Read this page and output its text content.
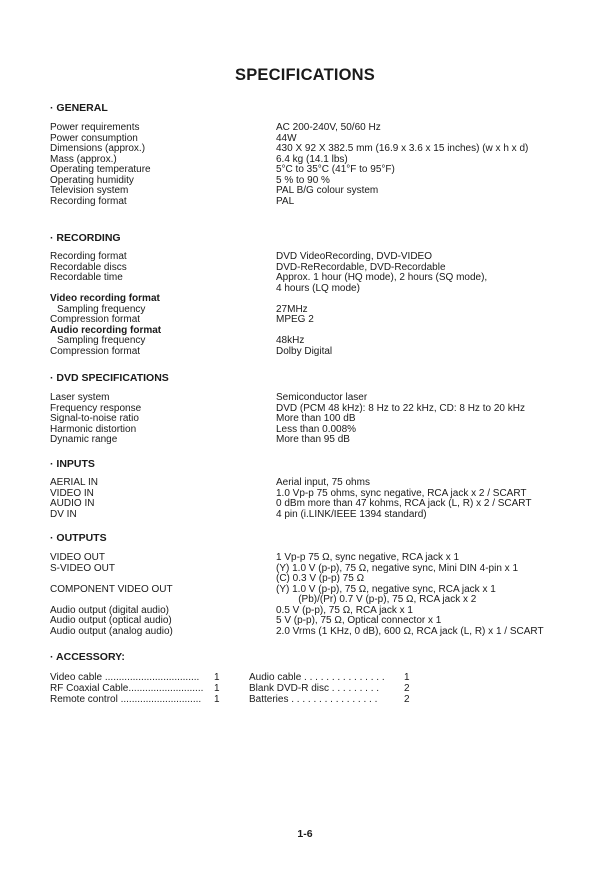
SPECIFICATIONS
· GENERAL
Power requirements	AC 200-240V, 50/60 Hz
Power consumption	44W
Dimensions (approx.)	430 X 92 X 382.5 mm (16.9 x 3.6 x 15 inches) (w x h x d)
Mass (approx.)	6.4 kg (14.1 lbs)
Operating temperature	5°C to 35°C (41°F to 95°F)
Operating humidity	5 % to 90 %
Television system	PAL B/G colour system
Recording format	PAL
· RECORDING
Recording format	DVD VideoRecording, DVD-VIDEO
Recordable discs	DVD-ReRecordable, DVD-Recordable
Recordable time	Approx. 1 hour (HQ mode), 2 hours (SQ mode),
4 hours (LQ mode)
Video recording format
Sampling frequency	27MHz
Compression format	MPEG 2
Audio recording format
Sampling frequency	48kHz
Compression format	Dolby Digital
· DVD SPECIFICATIONS
Laser system	Semiconductor laser
Frequency response	DVD (PCM 48 kHz): 8 Hz to 22 kHz, CD: 8 Hz to 20 kHz
Signal-to-noise ratio	More than 100 dB
Harmonic distortion	Less than 0.008%
Dynamic range	More than 95 dB
· INPUTS
AERIAL IN	Aerial input, 75 ohms
VIDEO IN	1.0 Vp-p 75 ohms, sync negative, RCA jack x 2 / SCART
AUDIO IN	0 dBm more than 47 kohms, RCA jack (L, R) x 2 / SCART
DV IN	4 pin (i.LINK/IEEE 1394 standard)
· OUTPUTS
VIDEO OUT	1 Vp-p 75 Ω, sync negative, RCA jack x 1
S-VIDEO OUT	(Y) 1.0 V (p-p), 75 Ω, negative sync, Mini DIN 4-pin x 1
(C) 0.3 V (p-p) 75 Ω
COMPONENT VIDEO OUT	(Y) 1.0 V (p-p), 75 Ω, negative sync, RCA jack x 1
(Pb)/(Pr) 0.7 V (p-p), 75 Ω, RCA jack x 2
Audio output (digital audio)	0.5 V (p-p), 75 Ω, RCA jack x 1
Audio output (optical audio)	5 V (p-p), 75 Ω, Optical connector x 1
Audio output (analog audio)	2.0 Vrms (1 KHz, 0 dB), 600 Ω, RCA jack (L, R) x 1 / SCART
· ACCESSORY:
Video cable ..................................	1	Audio cable . . . . . . . . . . . . . . . 1
RF Coaxial Cable...........................	1	Blank DVD-R disc . . . . . . . . . 2
Remote control .............................	1	Batteries . . . . . . . . . . . . . . . .	2
1-6
